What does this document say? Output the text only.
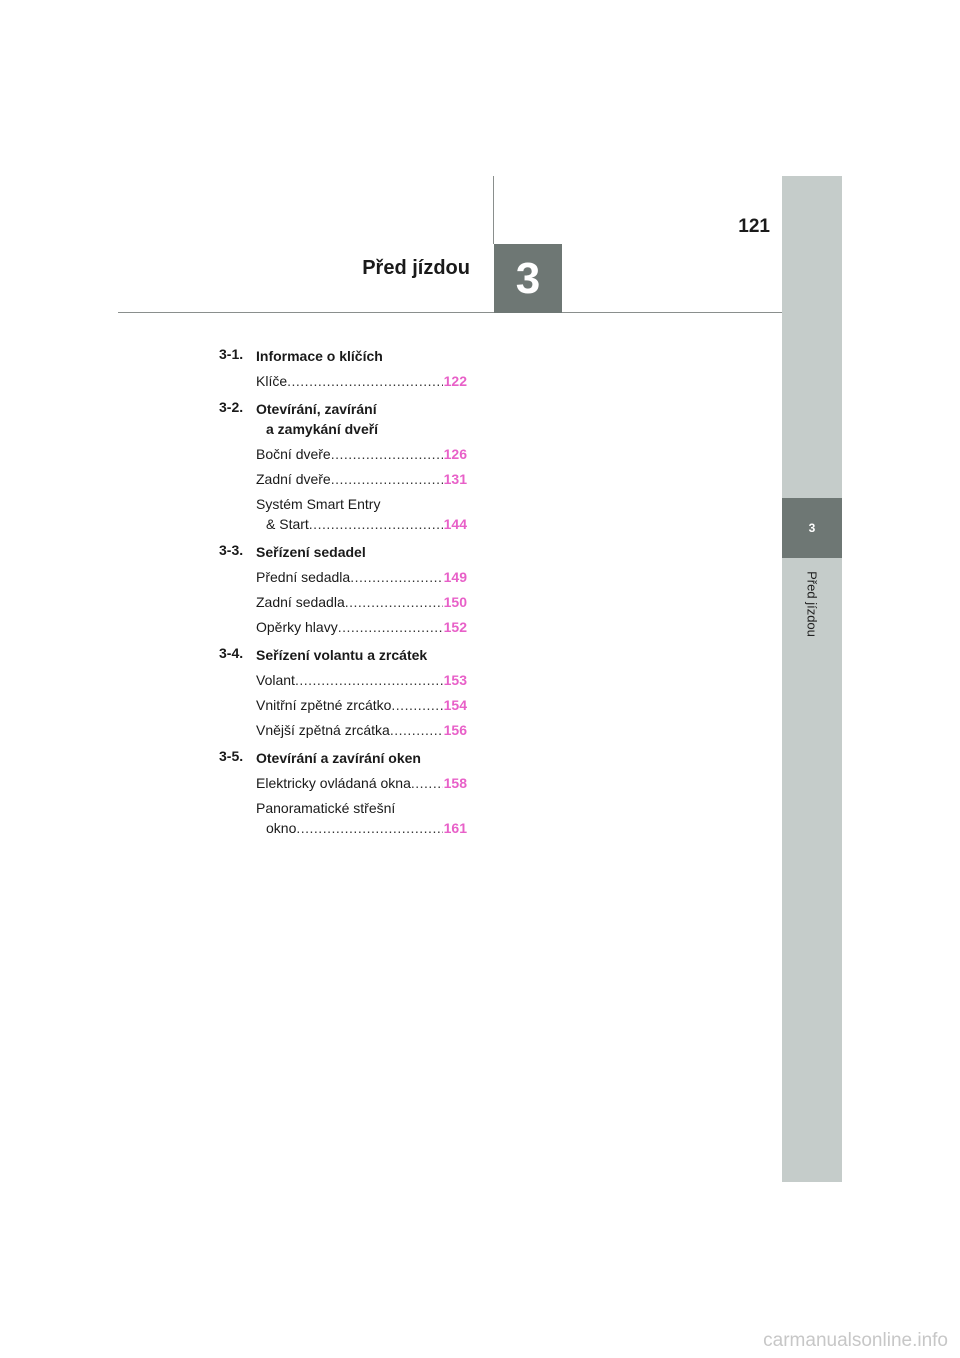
3
Před jízdou
121
Před jízdou 3
3-1. Informace o klíčích
Klíče .....	122
3-2. Otevírání, zavírání
a zamykání dveří
Boční dveře .....	126
Zadní dveře .....	131
Systém Smart Entry
& Start .....	144
3-3. Seřízení sedadel
Přední sedadla .....	149
Zadní sedadla .....	150
Opěrky hlavy .....	152
3-4. Seřízení volantu a zrcátek
Volant .....	153
Vnitřní zpětné zrcátko .....	154
Vnější zpětná zrcátka .....	156
3-5. Otevírání a zavírání oken
Elektricky ovládaná okna ..... 158
Panoramatické střešní
okno .....	161
carmanualsonline.info
